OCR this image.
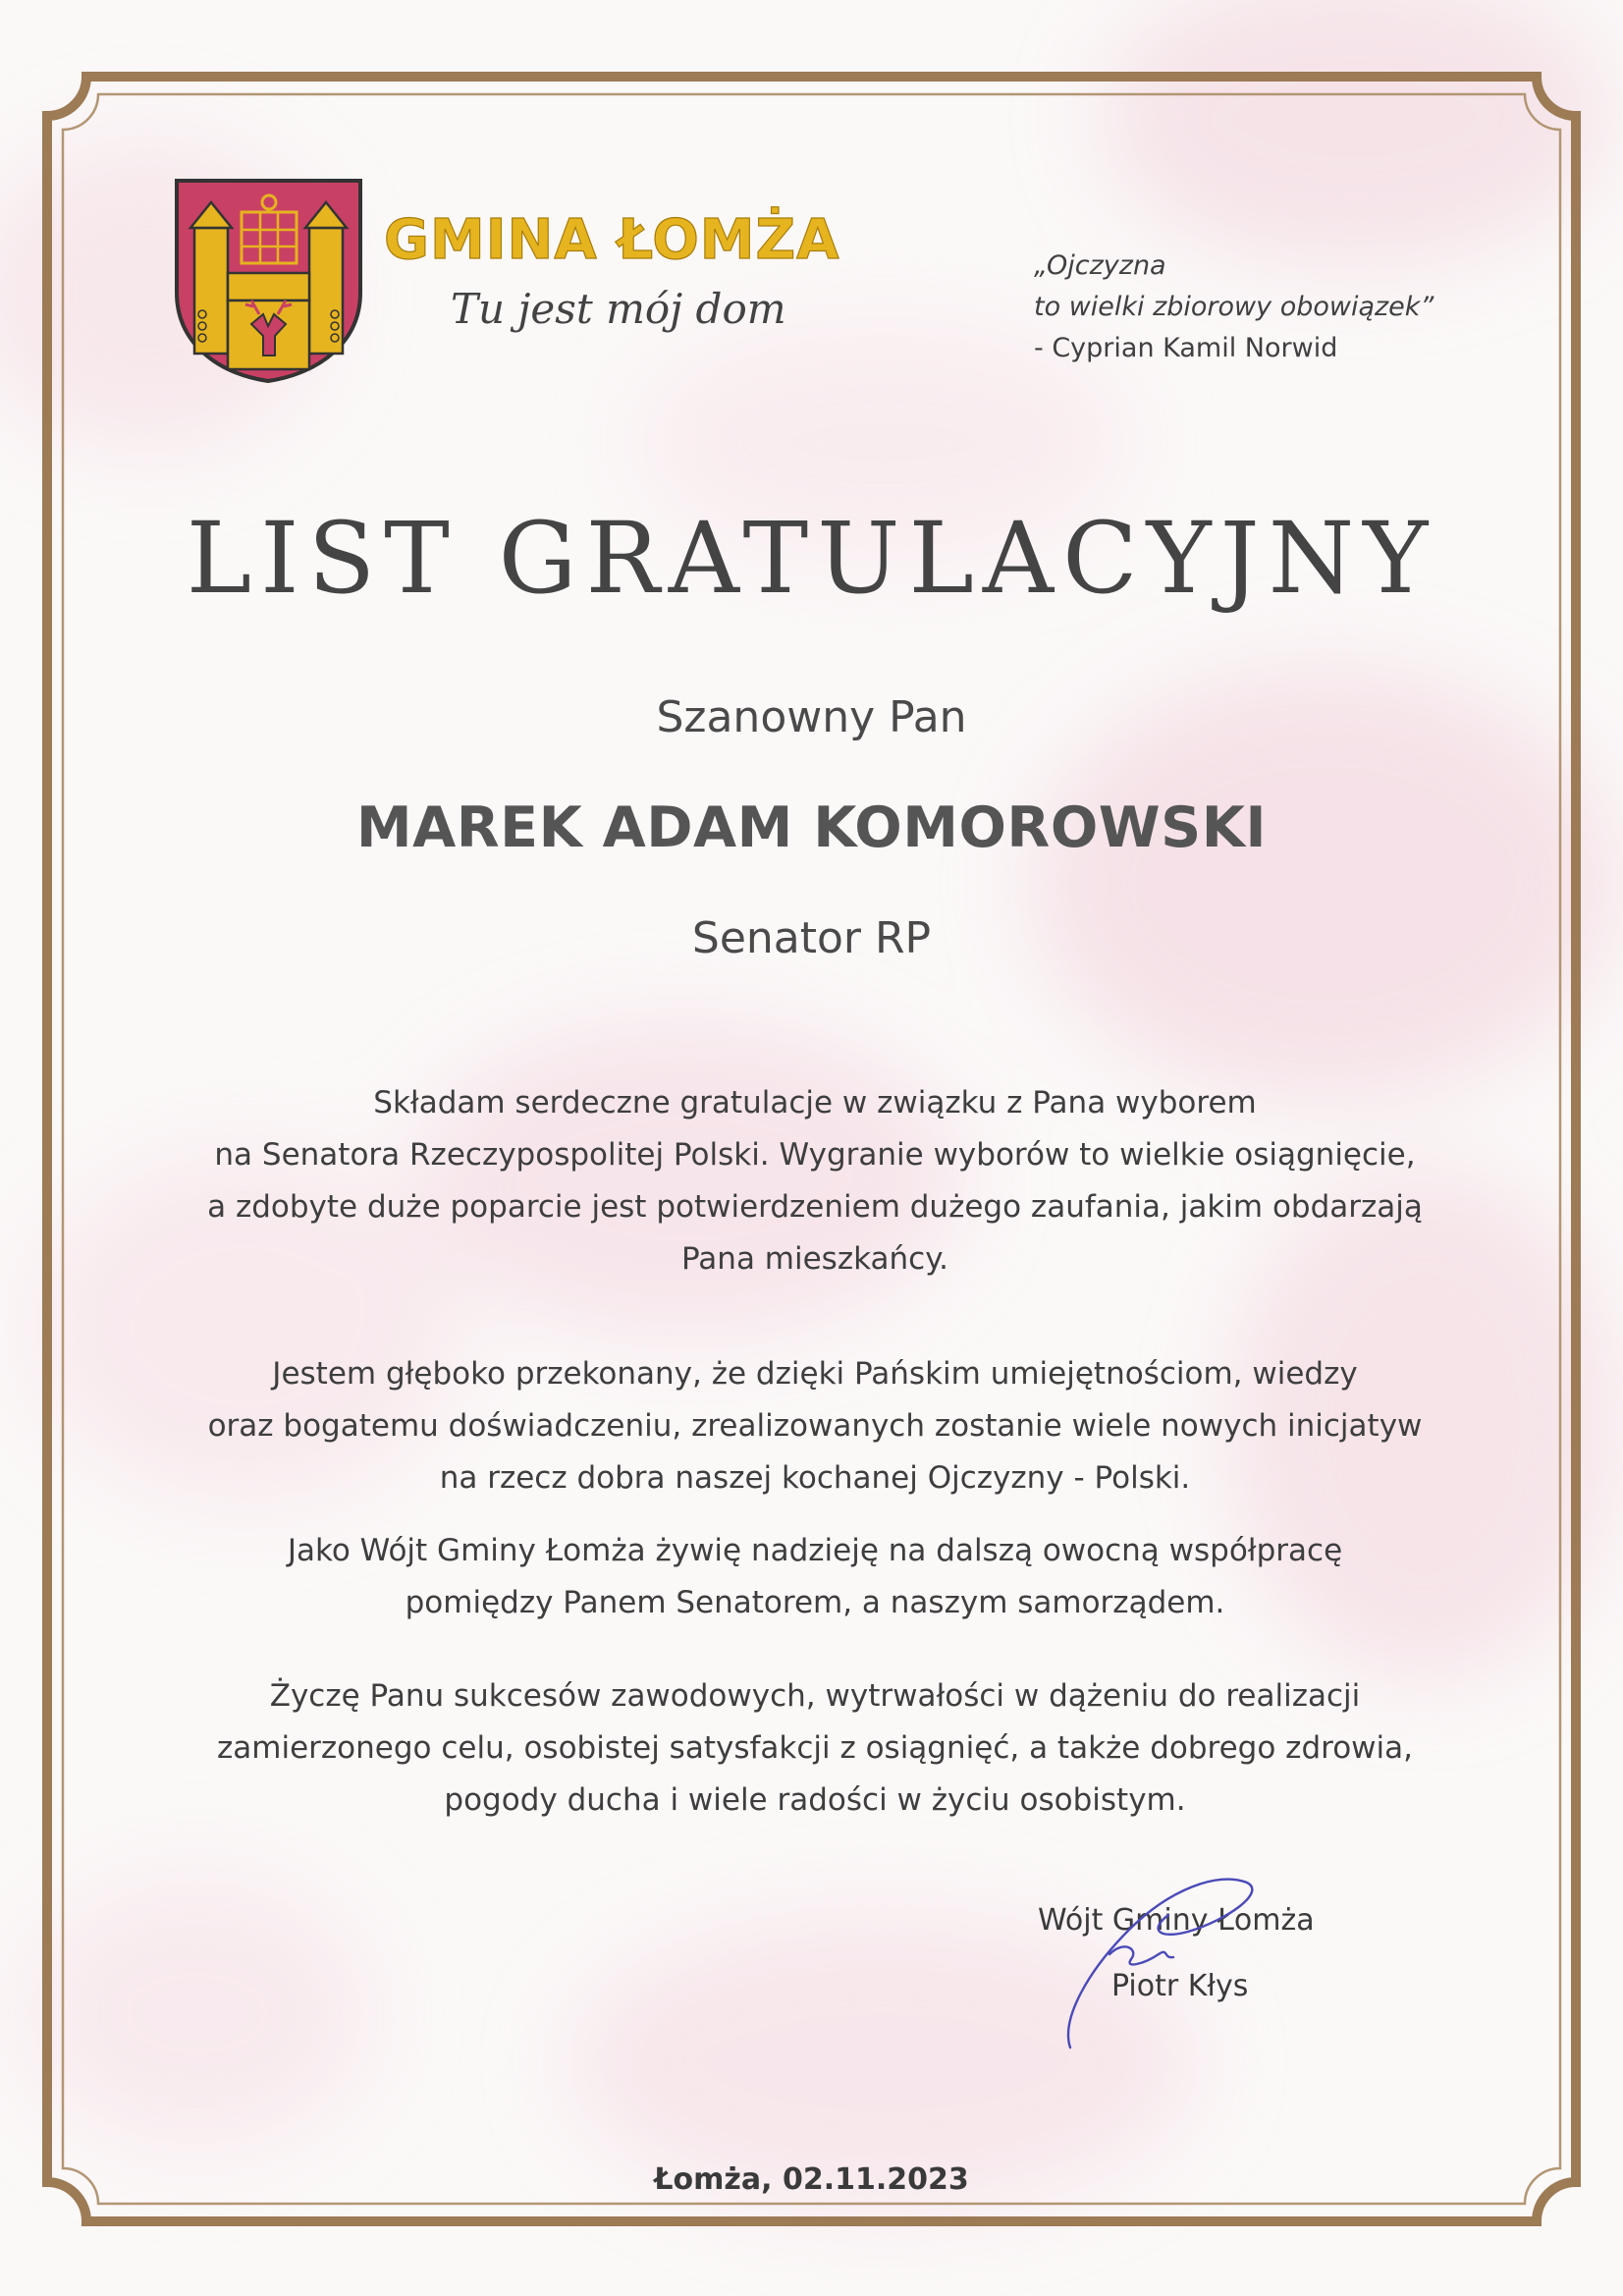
GMINA ŁOMŻA
Tu jest mój dom
„Ojczyzna
to wielki zbiorowy obowiązek”
- Cyprian Kamil Norwid
LIST GRATULACYJNY
Szanowny Pan
MAREK ADAM KOMOROWSKI
Senator RP
Składam serdeczne gratulacje w związku z Pana wyborem
na Senatora Rzeczypospolitej Polski. Wygranie wyborów to wielkie osiągnięcie,
a zdobyte duże poparcie jest potwierdzeniem dużego zaufania, jakim obdarzają
Pana mieszkańcy.
Jestem głęboko przekonany, że dzięki Pańskim umiejętnościom, wiedzy
oraz bogatemu doświadczeniu, zrealizowanych zostanie wiele nowych inicjatyw
na rzecz dobra naszej kochanej Ojczyzny - Polski.
Jako Wójt Gminy Łomża żywię nadzieję na dalszą owocną współpracę
pomiędzy Panem Senatorem, a naszym samorządem.
Życzę Panu sukcesów zawodowych, wytrwałości w dążeniu do realizacji
zamierzonego celu, osobistej satysfakcji z osiągnięć, a także dobrego zdrowia,
pogody ducha i wiele radości w życiu osobistym.
Wójt Gminy Łomża
Piotr Kłys
Łomża, 02.11.2023
